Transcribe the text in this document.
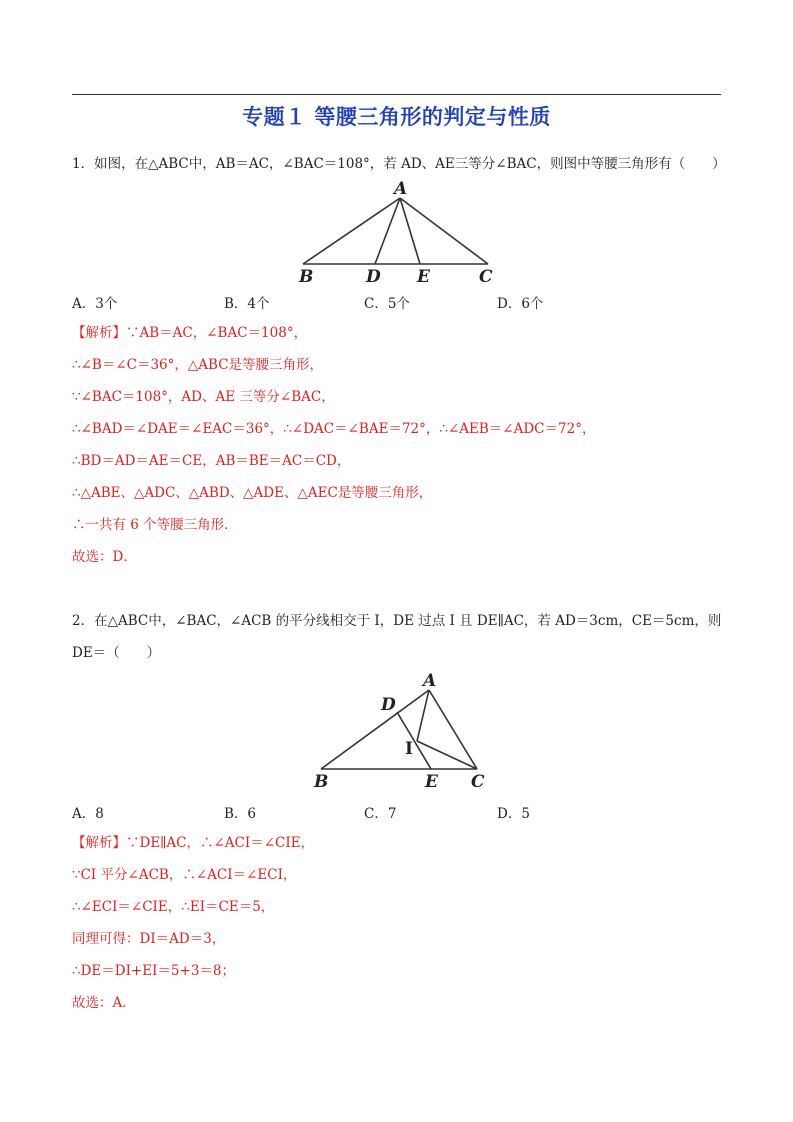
专题１ 等腰三角形的判定与性质
1．如图，在△ABC中，AB＝AC，∠BAC＝108°，若 AD、AE三等分∠BAC，则图中等腰三角形有（　　）
A
B	D E	C
A．3个	B．4个	C．5个	D．6个
【解析】∵AB＝AC，∠BAC＝108°，
∴∠B＝∠C＝36°，△ABC是等腰三角形，
∵∠BAC＝108°，AD、AE 三等分∠BAC，
∴∠BAD＝∠DAE＝∠EAC＝36°，∴∠DAC＝∠BAE＝72°，∴∠AEB＝∠ADC＝72°，
∴BD＝AD＝AE＝CE，AB＝BE＝AC＝CD，
∴△ABE、△ADC、△ABD、△ADE、△AEC是等腰三角形，
∴一共有 6 个等腰三角形．
故选：D．
2．在△ABC中，∠BAC，∠ACB 的平分线相交于 I，DE 过点 I 且 DE∥AC，若 AD＝3cm，CE＝5cm，则
DE＝（　　）
A
D
I
B	E C
A．8	B．6	C．7	D．5
【解析】∵DE∥AC，∴∠ACI＝∠CIE，
∵CI 平分∠ACB，∴∠ACI＝∠ECI，
∴∠ECI＝∠CIE，∴EI＝CE＝5，
同理可得：DI＝AD＝3，
∴DE＝DI+EI＝5+3＝8；
故选：A．
